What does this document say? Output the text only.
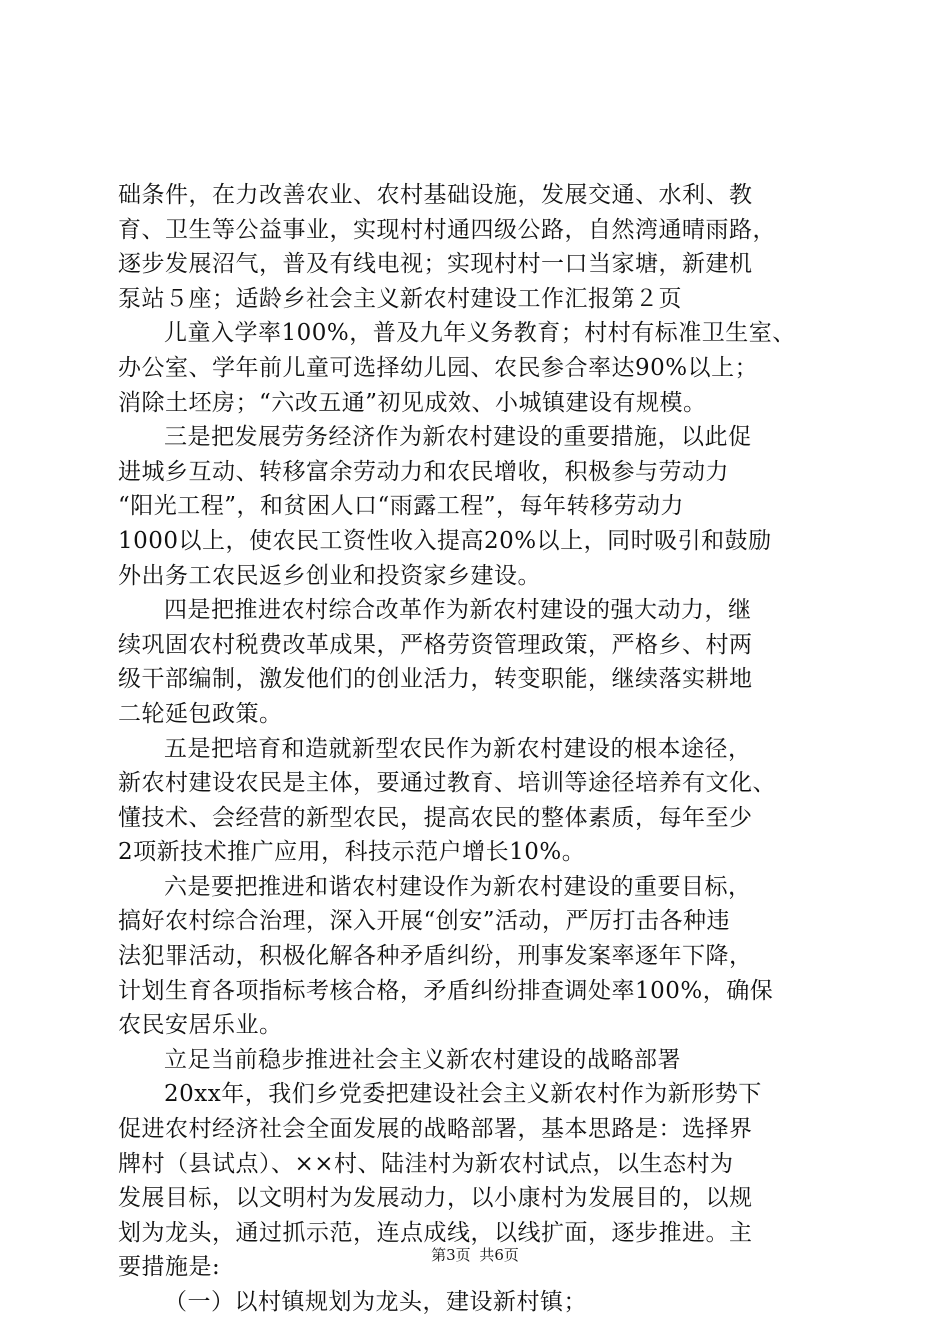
础条件，在力改善农业、农村基础设施，发展交通、水利、教
育、卫生等公益事业，实现村村通四级公路，自然湾通晴雨路，
逐步发展沼气，普及有线电视；实现村村一口当家塘，新建机
泵站５座；适龄乡社会主义新农村建设工作汇报第２页
儿童入学率100%，普及九年义务教育；村村有标准卫生室、
办公室、学年前儿童可选择幼儿园、农民参合率达90%以上；
消除土坯房；“六改五通”初见成效、小城镇建设有规模。
三是把发展劳务经济作为新农村建设的重要措施，以此促
进城乡互动、转移富余劳动力和农民增收，积极参与劳动力
“阳光工程”，和贫困人口“雨露工程”，每年转移劳动力
1000以上，使农民工资性收入提高20%以上，同时吸引和鼓励
外出务工农民返乡创业和投资家乡建设。
四是把推进农村综合改革作为新农村建设的强大动力，继
续巩固农村税费改革成果，严格劳资管理政策，严格乡、村两
级干部编制，激发他们的创业活力，转变职能，继续落实耕地
二轮延包政策。
五是把培育和造就新型农民作为新农村建设的根本途径，
新农村建设农民是主体，要通过教育、培训等途径培养有文化、
懂技术、会经营的新型农民，提高农民的整体素质，每年至少
2项新技术推广应用，科技示范户增长10%。
六是要把推进和谐农村建设作为新农村建设的重要目标，
搞好农村综合治理，深入开展“创安”活动，严厉打击各种违
法犯罪活动，积极化解各种矛盾纠纷，刑事发案率逐年下降，
计划生育各项指标考核合格，矛盾纠纷排查调处率100%，确保
农民安居乐业。
立足当前稳步推进社会主义新农村建设的战略部署
20xx年，我们乡党委把建设社会主义新农村作为新形势下
促进农村经济社会全面发展的战略部署，基本思路是：选择界
牌村（县试点）、××村、陆洼村为新农村试点，以生态村为
发展目标，以文明村为发展动力，以小康村为发展目的，以规
划为龙头，通过抓示范，连点成线，以线扩面，逐步推进。主
要措施是:
（一）以村镇规划为龙头，建设新村镇；
第3页 共6页
